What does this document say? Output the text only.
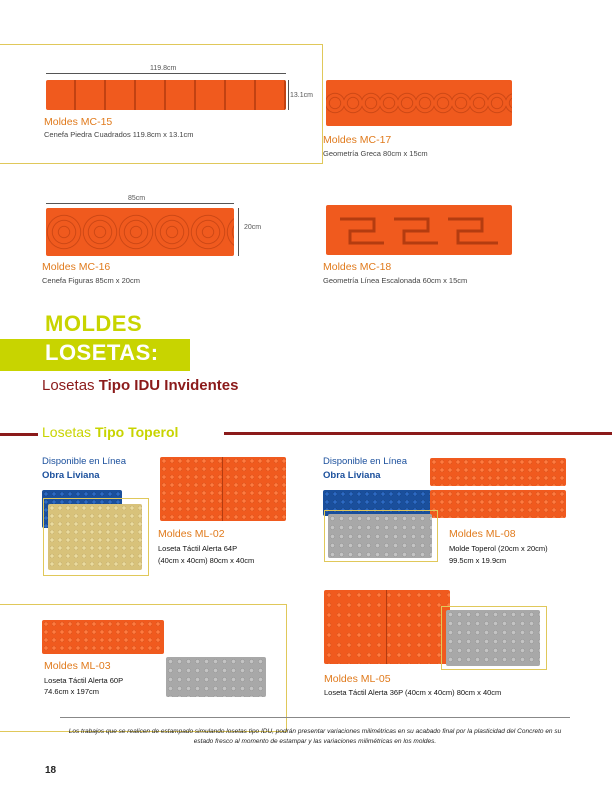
119.8cm
13.1cm
Moldes MC-15
Cenefa Piedra Cuadrados 119.8cm x 13.1cm	Moldes MC-17
Geometría Greca 80cm x 15cm
85cm
20cm
Moldes MC-16
Cenefa Figuras 85cm x 20cm
Moldes MC-18
Geometría Línea Escalonada 60cm x 15cm
MOLDES
LOSETAS:
Losetas Tipo IDU Invidentes
Losetas Tipo Toperol
Disponible en Línea
Obra Liviana
Moldes ML-02
Loseta Táctil Alerta 64P
(40cm x 40cm) 80cm x 40cm
Disponible en Línea
Obra Liviana
Moldes ML-08
Molde Toperol (20cm x 20cm)
99.5cm x 19.9cm
Moldes ML-03
Loseta Táctil Alerta 60P
74.6cm x 197cm
Moldes ML-05
Loseta Táctil Alerta 36P (40cm x 40cm) 80cm x 40cm
Los trabajos que se realicen de estampado simulando losetas tipo IDU, podrán presentar variaciones milimétricas en su acabado final por la plasticidad del Concreto en su estado fresco al momento de estampar y las variaciones milimétricas en los moldes.
18
